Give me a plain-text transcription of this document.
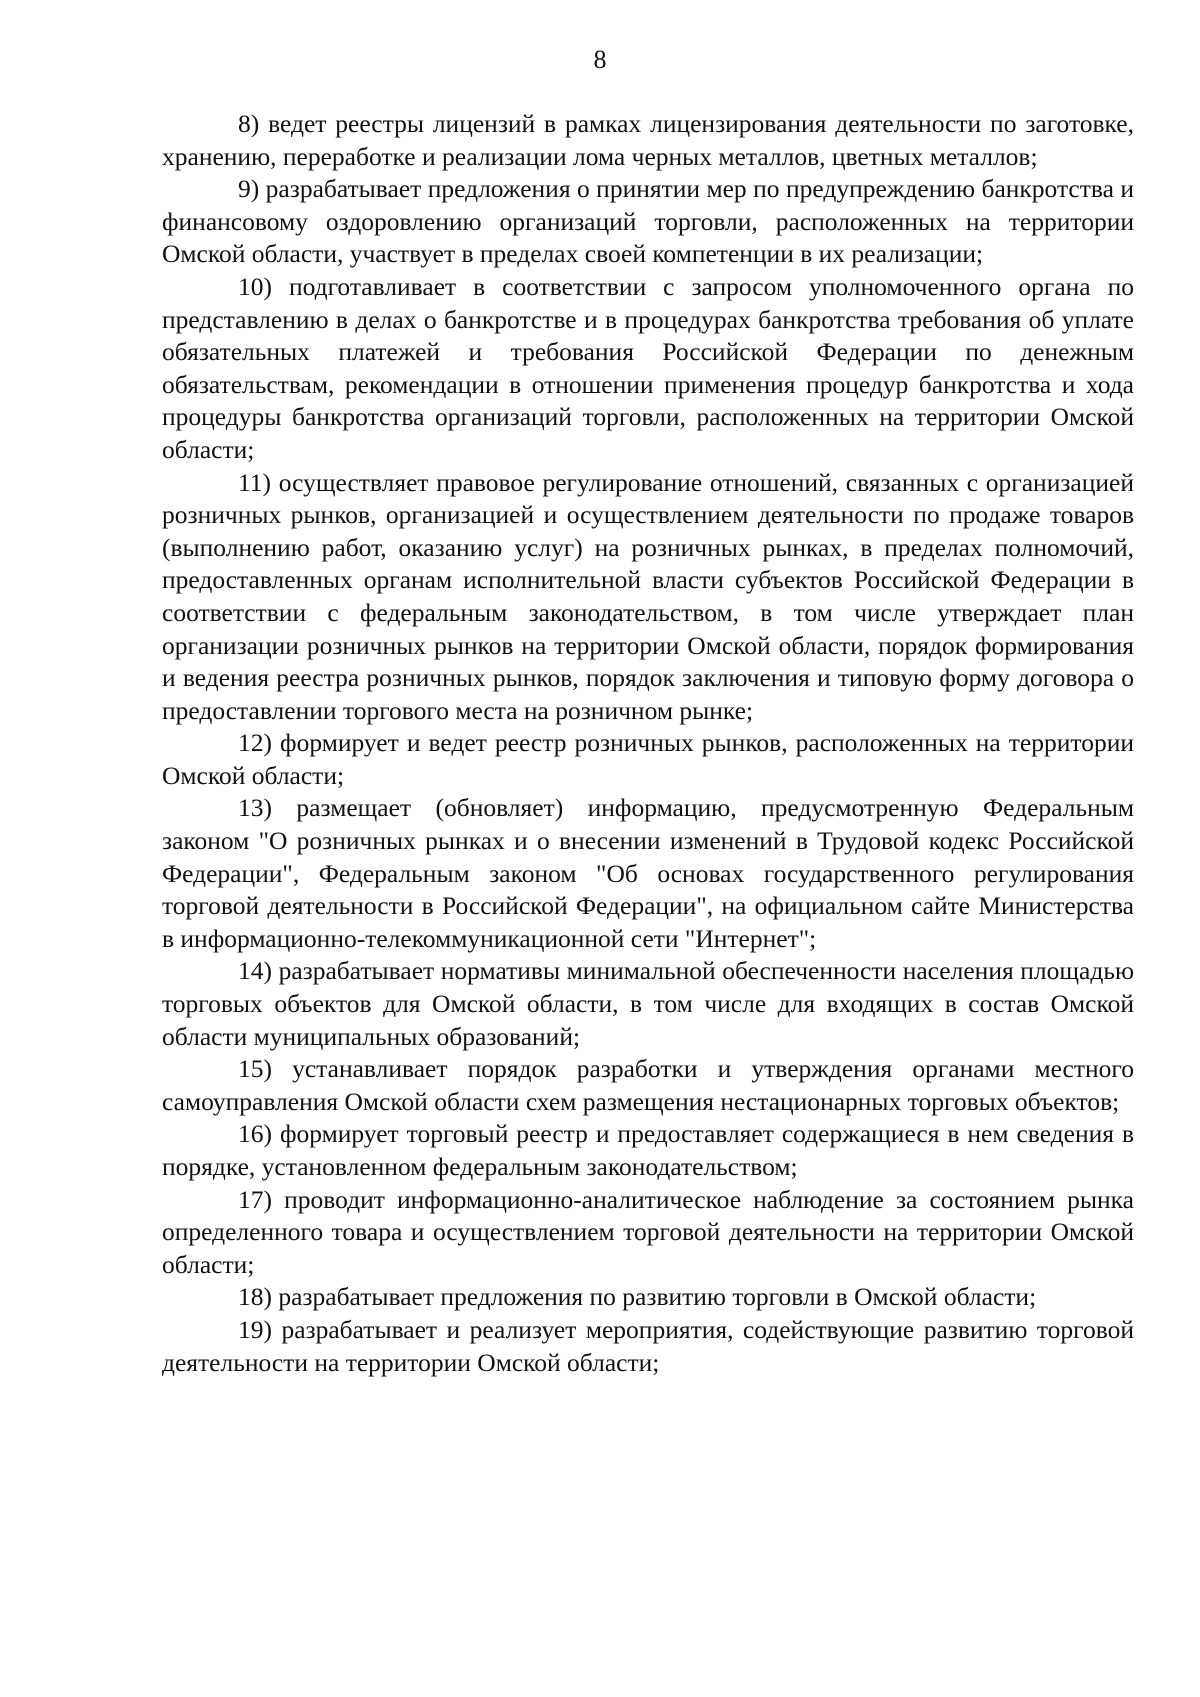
8

8) ведет реестры лицензий в рамках лицензирования деятельности по заготовке, хранению, переработке и реализации лома черных металлов, цветных металлов;

9) разрабатывает предложения о принятии мер по предупреждению банкротства и финансовому оздоровлению организаций торговли, расположенных на территории Омской области, участвует в пределах своей компетенции в их реализации;

10) подготавливает в соответствии с запросом уполномоченного органа по представлению в делах о банкротстве и в процедурах банкротства требования об уплате обязательных платежей и требования Российской Федерации по денежным обязательствам, рекомендации в отношении применения процедур банкротства и хода процедуры банкротства организаций торговли, расположенных на территории Омской области;

11) осуществляет правовое регулирование отношений, связанных с организацией розничных рынков, организацией и осуществлением деятельности по продаже товаров (выполнению работ, оказанию услуг) на розничных рынках, в пределах полномочий, предоставленных органам исполнительной власти субъектов Российской Федерации в соответствии с федеральным законодательством, в том числе утверждает план организации розничных рынков на территории Омской области, порядок формирования и ведения реестра розничных рынков, порядок заключения и типовую форму договора о предоставлении торгового места на розничном рынке;

12) формирует и ведет реестр розничных рынков, расположенных на территории Омской области;

13) размещает (обновляет) информацию, предусмотренную Федеральным законом "О розничных рынках и о внесении изменений в Трудовой кодекс Российской Федерации", Федеральным законом "Об основах государственного регулирования торговой деятельности в Российской Федерации", на официальном сайте Министерства в информационно-телекоммуникационной сети "Интернет";

14) разрабатывает нормативы минимальной обеспеченности населения площадью торговых объектов для Омской области, в том числе для входящих в состав Омской области муниципальных образований;

15) устанавливает порядок разработки и утверждения органами местного самоуправления Омской области схем размещения нестационарных торговых объектов;

16) формирует торговый реестр и предоставляет содержащиеся в нем сведения в порядке, установленном федеральным законодательством;

17) проводит информационно-аналитическое наблюдение за состоянием рынка определенного товара и осуществлением торговой деятельности на территории Омской области;

18) разрабатывает предложения по развитию торговли в Омской области;

19) разрабатывает и реализует мероприятия, содействующие развитию торговой деятельности на территории Омской области;
